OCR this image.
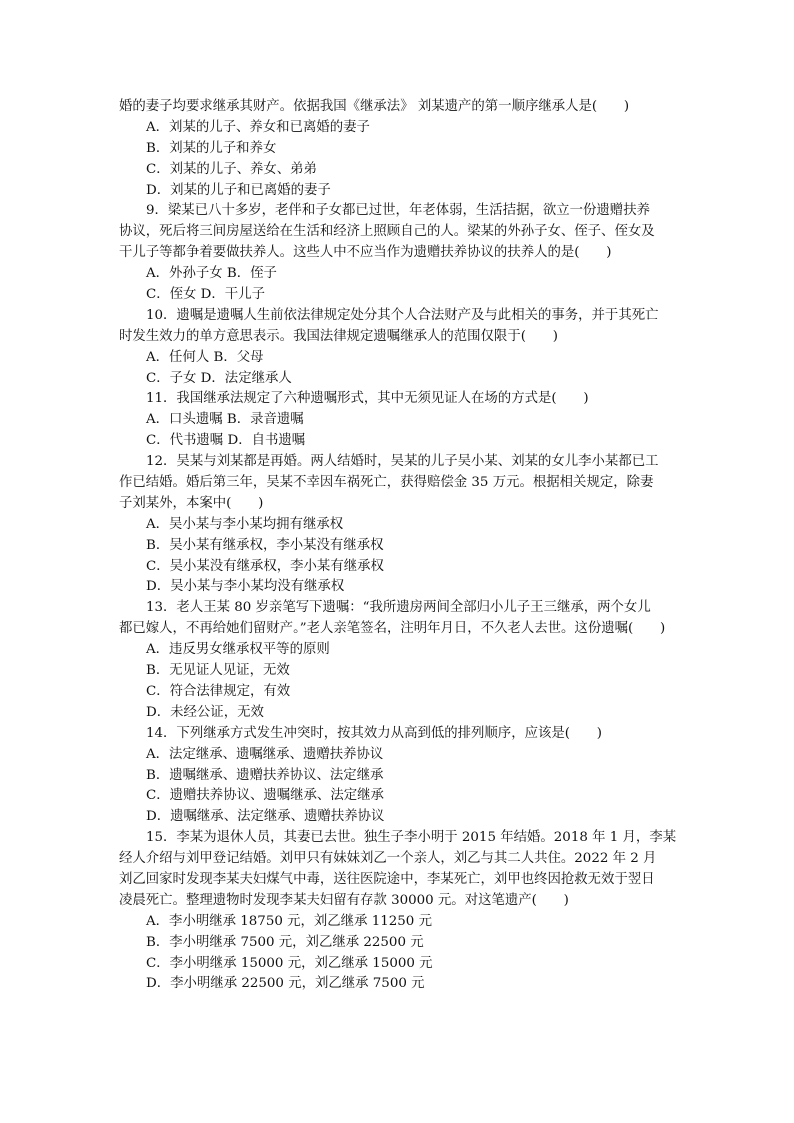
婚的妻子均要求继承其财产。依据我国《继承法》 刘某遗产的第一顺序继承人是(　　)
A．刘某的儿子、养女和已离婚的妻子
B．刘某的儿子和养女
C．刘某的儿子、养女、弟弟
D．刘某的儿子和已离婚的妻子
9．梁某已八十多岁，老伴和子女都已过世，年老体弱，生活拮据，欲立一份遗赠扶养
协议，死后将三间房屋送给在生活和经济上照顾自己的人。梁某的外孙子女、侄子、侄女及
干儿子等都争着要做扶养人。这些人中不应当作为遗赠扶养协议的扶养人的是(　　)
A．外孙子女 B．侄子
C．侄女 D．干儿子
10．遗嘱是遗嘱人生前依法律规定处分其个人合法财产及与此相关的事务，并于其死亡
时发生效力的单方意思表示。我国法律规定遗嘱继承人的范围仅限于(　　)
A．任何人 B．父母
C．子女 D．法定继承人
11．我国继承法规定了六种遗嘱形式，其中无须见证人在场的方式是(　　)
A．口头遗嘱 B．录音遗嘱
C．代书遗嘱 D．自书遗嘱
12．吴某与刘某都是再婚。两人结婚时，吴某的儿子吴小某、刘某的女儿李小某都已工
作已结婚。婚后第三年，吴某不幸因车祸死亡，获得赔偿金 35 万元。根据相关规定，除妻
子刘某外，本案中(　　)
A．吴小某与李小某均拥有继承权
B．吴小某有继承权，李小某没有继承权
C．吴小某没有继承权，李小某有继承权
D．吴小某与李小某均没有继承权
13．老人王某 80 岁亲笔写下遗嘱：“我所遗房两间全部归小儿子王三继承，两个女儿
都已嫁人，不再给她们留财产。”老人亲笔签名，注明年月日，不久老人去世。这份遗嘱(　　)
A．违反男女继承权平等的原则
B．无见证人见证，无效
C．符合法律规定，有效
D．未经公证，无效
14．下列继承方式发生冲突时，按其效力从高到低的排列顺序，应该是(　　)
A．法定继承、遗嘱继承、遗赠扶养协议
B．遗嘱继承、遗赠扶养协议、法定继承
C．遗赠扶养协议、遗嘱继承、法定继承
D．遗嘱继承、法定继承、遗赠扶养协议
15．李某为退休人员，其妻已去世。独生子李小明于 2015 年结婚。2018 年 1 月，李某
经人介绍与刘甲登记结婚。刘甲只有妹妹刘乙一个亲人，刘乙与其二人共住。2022 年 2 月
刘乙回家时发现李某夫妇煤气中毒，送往医院途中，李某死亡，刘甲也终因抢救无效于翌日
凌晨死亡。整理遗物时发现李某夫妇留有存款 30000 元。对这笔遗产(　　)
A．李小明继承 18750 元，刘乙继承 11250 元
B．李小明继承 7500 元，刘乙继承 22500 元
C．李小明继承 15000 元，刘乙继承 15000 元
D．李小明继承 22500 元，刘乙继承 7500 元
